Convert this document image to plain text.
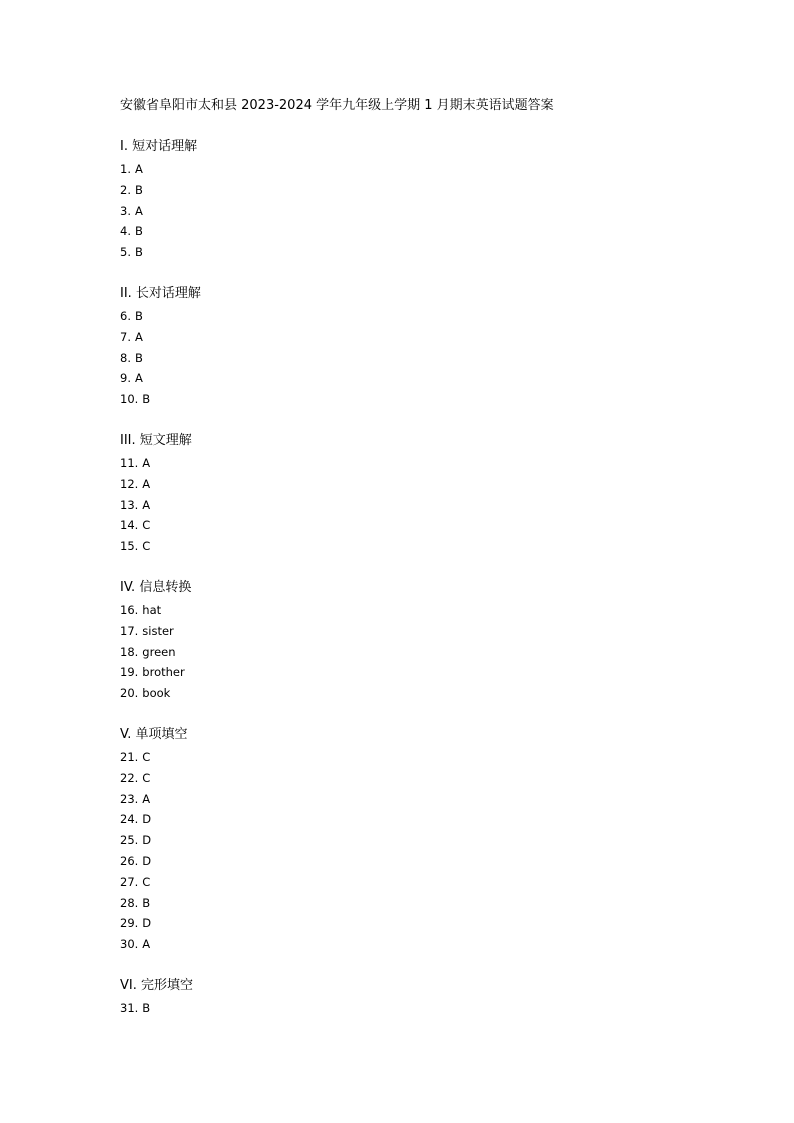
安徽省阜阳市太和县 2023-2024 学年九年级上学期 1 月期末英语试题答案
I. 短对话理解
1. A
2. B
3. A
4. B
5. B
II. 长对话理解
6. B
7. A
8. B
9. A
10. B
III. 短文理解
11. A
12. A
13. A
14. C
15. C
IV. 信息转换
16. hat
17. sister
18. green
19. brother
20. book
V. 单项填空
21. C
22. C
23. A
24. D
25. D
26. D
27. C
28. B
29. D
30. A
VI. 完形填空
31. B
